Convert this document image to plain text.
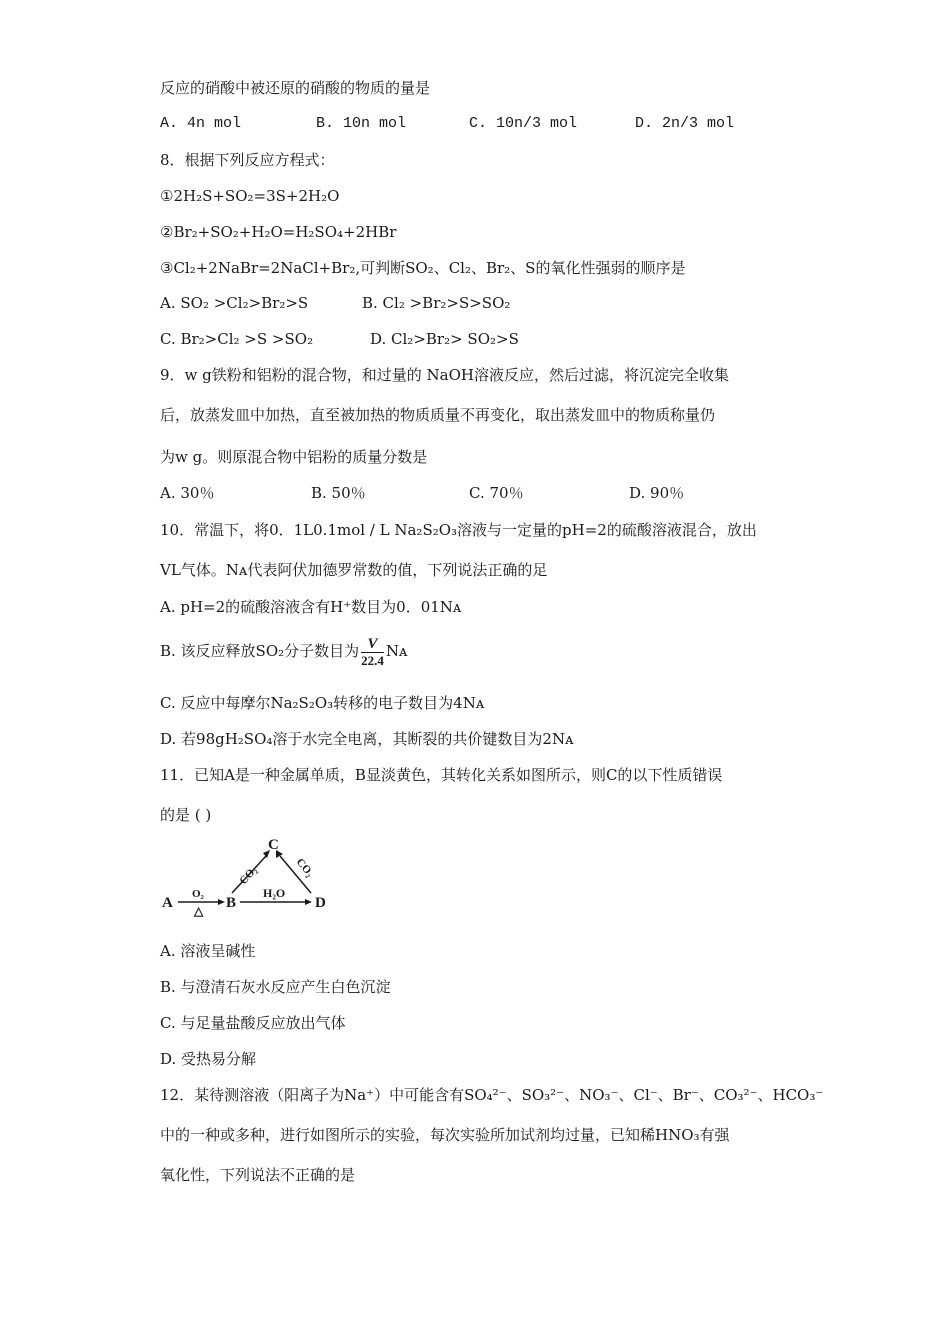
反应的硝酸中被还原的硝酸的物质的量是
A. 4n mol	B. 10n mol	C. 10n/3 mol	D. 2n/3 mol
8．根据下列反应方程式：
①2H₂S+SO₂=3S+2H₂O
②Br₂+SO₂+H₂O=H₂SO₄+2HBr
③Cl₂+2NaBr=2NaCl+Br₂,可判断SO₂、Cl₂、Br₂、S的氧化性强弱的顺序是
A. SO₂ >Cl₂>Br₂>S	B. Cl₂ >Br₂>S>SO₂
C. Br₂>Cl₂ >S >SO₂	D. Cl₂>Br₂> SO₂>S
9．w g铁粉和铝粉的混合物，和过量的 NaOH溶液反应，然后过滤，将沉淀完全收集
后，放蒸发皿中加热，直至被加热的物质质量不再变化，取出蒸发皿中的物质称量仍
为w g。则原混合物中铝粉的质量分数是
A. 30％	B. 50％	C. 70％	D. 90％
10．常温下，将0．1L0.1mol / L Na₂S₂O₃溶液与一定量的pH=2的硫酸溶液混合，放出
VL气体。Nᴀ代表阿伏加德罗常数的值，下列说法正确的足
A. pH=2的硫酸溶液含有H⁺数目为0．01Nᴀ
B. 该反应释放SO₂分子数目为 $\frac{V}{22.4}$ Nᴀ
C. 反应中每摩尔Na₂S₂O₃转移的电子数目为4Nᴀ
D. 若98gH₂SO₄溶于水完全电离，其断裂的共价键数目为2Nᴀ
11．已知A是一种金属单质，B显淡黄色，其转化关系如图所示，则C的以下性质错误
的是 ( )
A	B
C
D
O₂
△
H₂O
CO₂	CO₂
A. 溶液呈碱性
B. 与澄清石灰水反应产生白色沉淀
C. 与足量盐酸反应放出气体
D. 受热易分解
12．某待测溶液（阳离子为Na⁺）中可能含有SO₄²⁻、SO₃²⁻、NO₃⁻、Cl⁻、Br⁻、CO₃²⁻、HCO₃⁻
中的一种或多种，进行如图所示的实验，每次实验所加试剂均过量，已知稀HNO₃有强
氧化性，下列说法不正确的是
